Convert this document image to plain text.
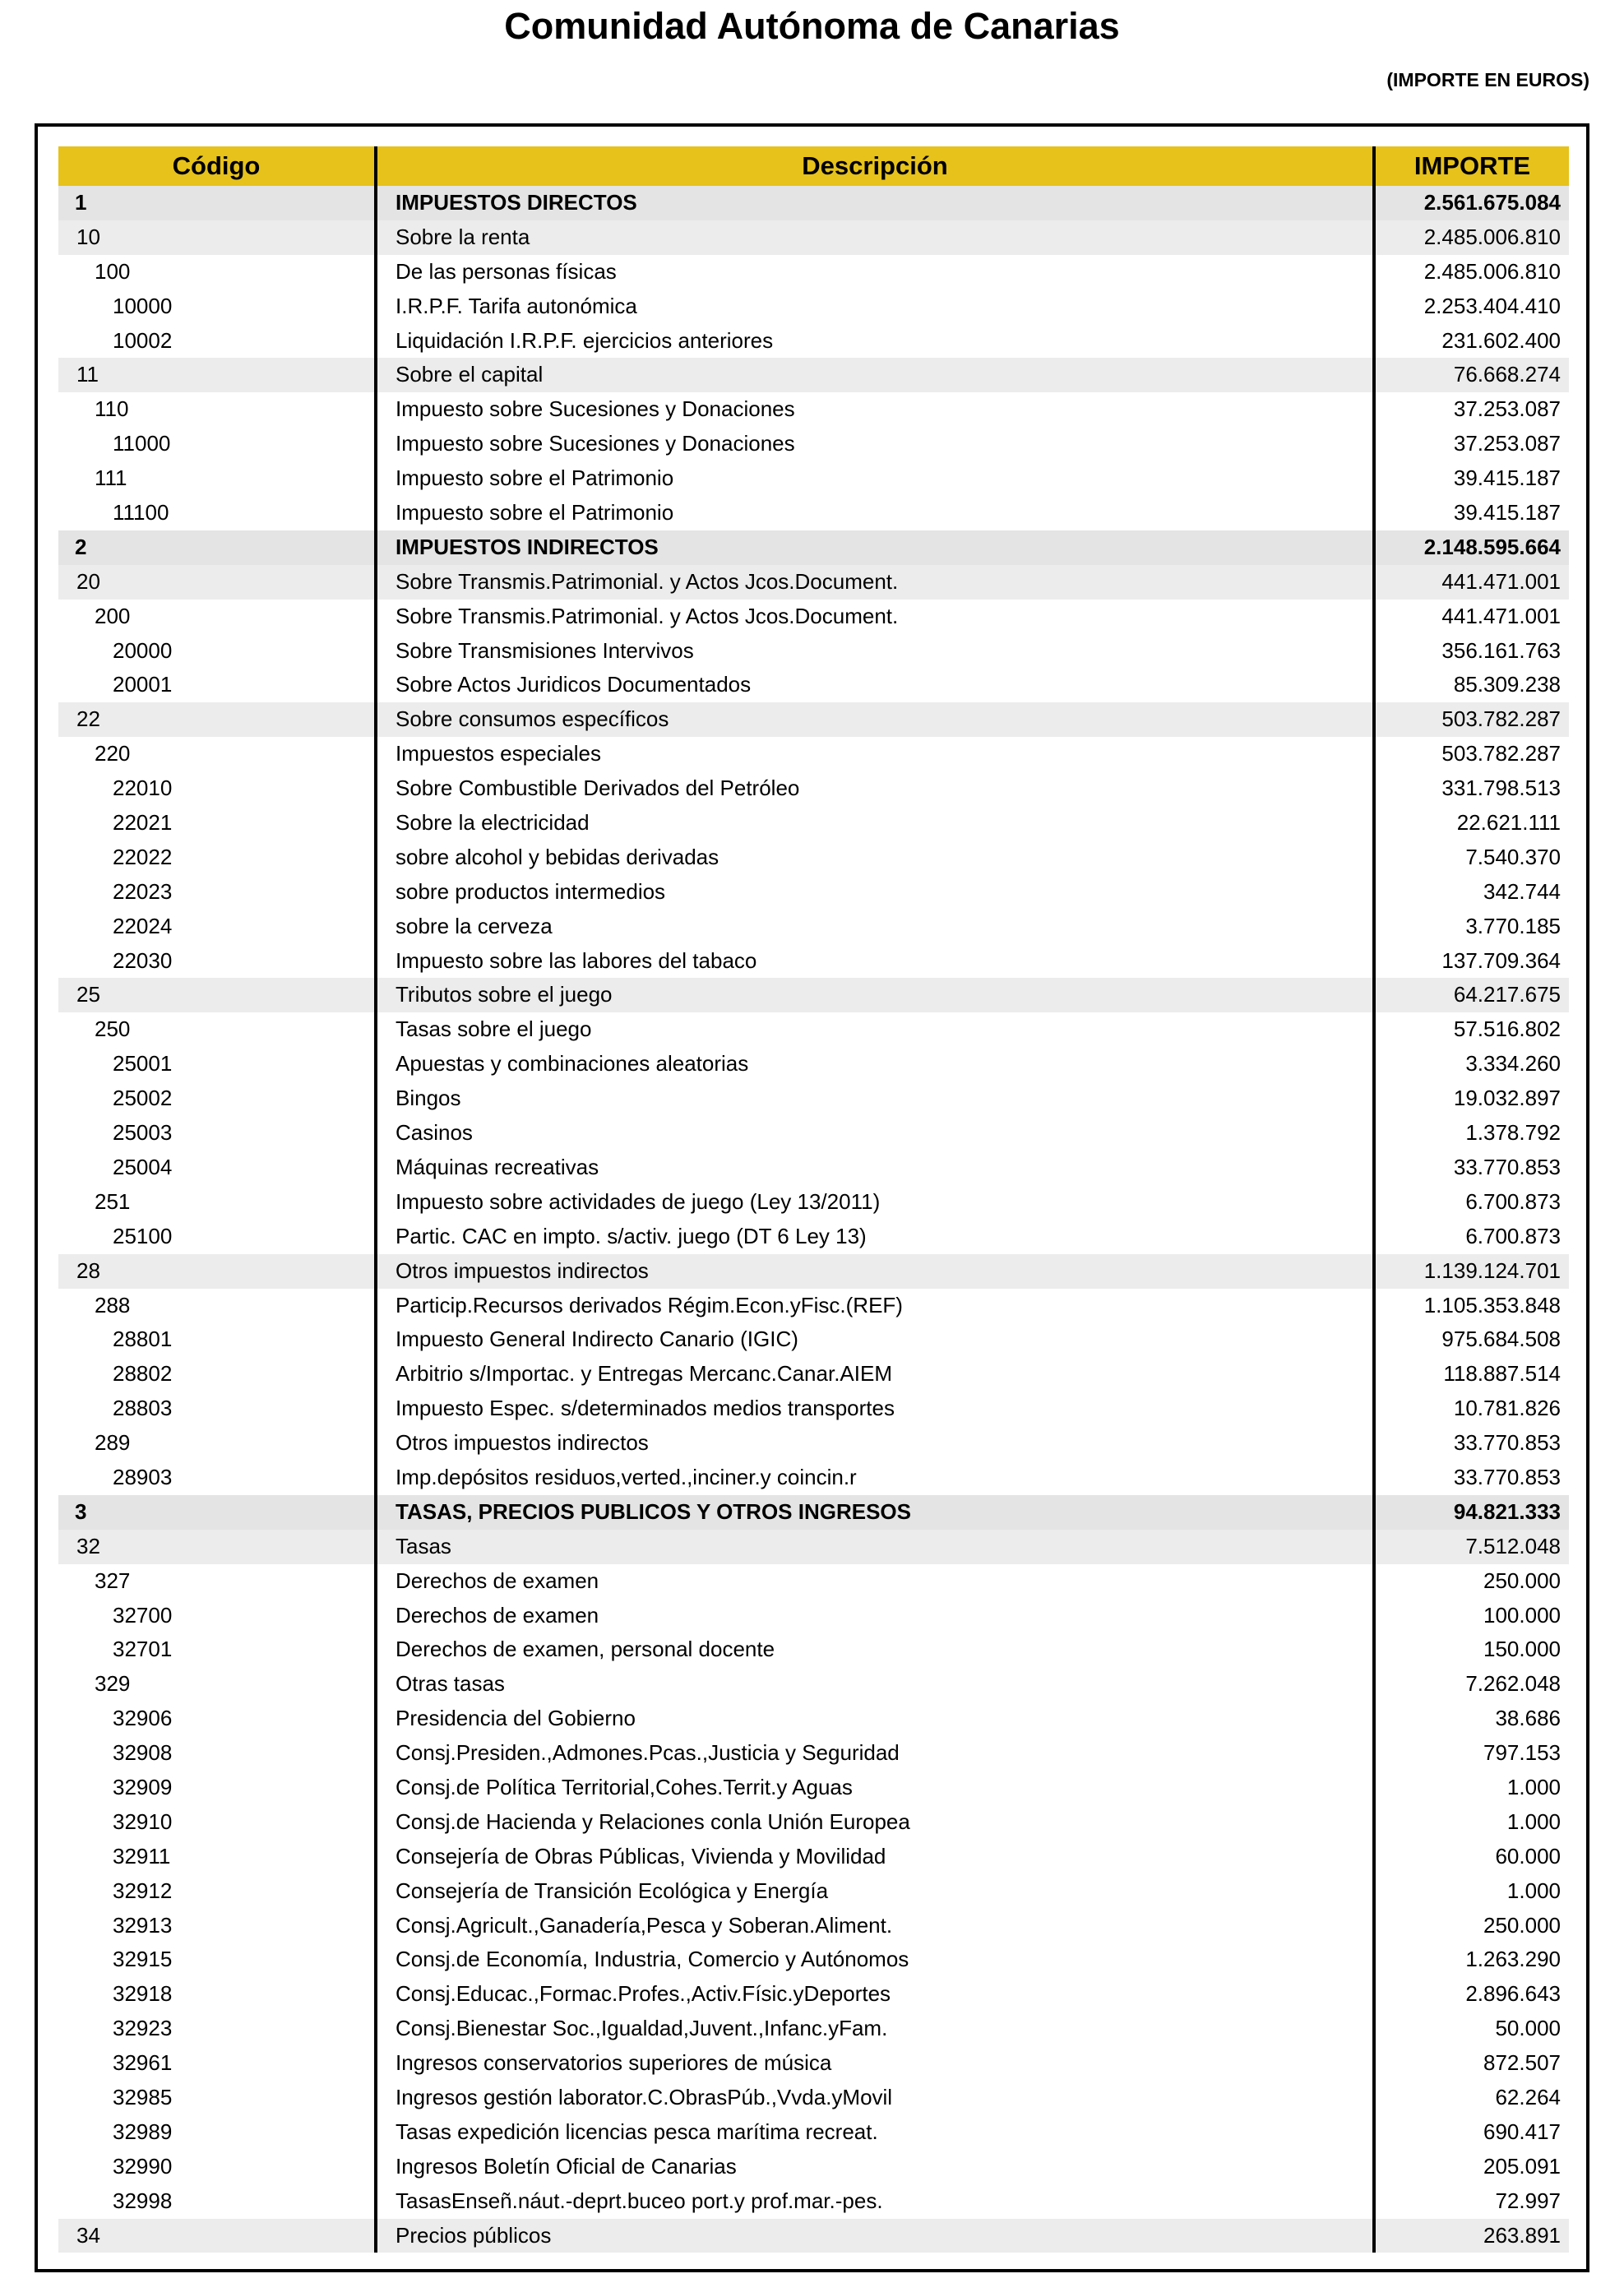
Comunidad Autónoma de Canarias
(IMPORTE EN EUROS)
Código	Descripción	IMPORTE
1	IMPUESTOS DIRECTOS	2.561.675.084
10	Sobre la renta	2.485.006.810
100	De las personas físicas	2.485.006.810
10000	I.R.P.F. Tarifa autonómica	2.253.404.410
10002	Liquidación I.R.P.F. ejercicios anteriores	231.602.400
11	Sobre el capital	76.668.274
110	Impuesto sobre Sucesiones y Donaciones	37.253.087
11000	Impuesto sobre Sucesiones y Donaciones	37.253.087
111	Impuesto sobre el Patrimonio	39.415.187
11100	Impuesto sobre el Patrimonio	39.415.187
2	IMPUESTOS INDIRECTOS	2.148.595.664
20	Sobre Transmis.Patrimonial. y Actos Jcos.Document.	441.471.001
200	Sobre Transmis.Patrimonial. y Actos Jcos.Document.	441.471.001
20000	Sobre Transmisiones Intervivos	356.161.763
20001	Sobre Actos Juridicos Documentados	85.309.238
22	Sobre consumos específicos	503.782.287
220	Impuestos especiales	503.782.287
22010	Sobre Combustible Derivados del Petróleo	331.798.513
22021	Sobre la electricidad	22.621.111
22022	sobre alcohol y bebidas derivadas	7.540.370
22023	sobre productos intermedios	342.744
22024	sobre la cerveza	3.770.185
22030	Impuesto sobre las labores del tabaco	137.709.364
25	Tributos sobre el juego	64.217.675
250	Tasas sobre el juego	57.516.802
25001	Apuestas y combinaciones aleatorias	3.334.260
25002	Bingos	19.032.897
25003	Casinos	1.378.792
25004	Máquinas recreativas	33.770.853
251	Impuesto sobre actividades de juego (Ley 13/2011)	6.700.873
25100	Partic. CAC en impto. s/activ. juego (DT 6 Ley 13)	6.700.873
28	Otros impuestos indirectos	1.139.124.701
288	Particip.Recursos derivados Régim.Econ.yFisc.(REF)	1.105.353.848
28801	Impuesto General Indirecto Canario (IGIC)	975.684.508
28802	Arbitrio s/Importac. y Entregas Mercanc.Canar.AIEM	118.887.514
28803	Impuesto Espec. s/determinados medios transportes	10.781.826
289	Otros impuestos indirectos	33.770.853
28903	Imp.depósitos residuos,verted.,inciner.y coincin.r	33.770.853
3	TASAS, PRECIOS PUBLICOS Y OTROS INGRESOS	94.821.333
32	Tasas	7.512.048
327	Derechos de examen	250.000
32700	Derechos de examen	100.000
32701	Derechos de examen, personal docente	150.000
329	Otras tasas	7.262.048
32906	Presidencia del Gobierno	38.686
32908	Consj.Presiden.,Admones.Pcas.,Justicia y Seguridad	797.153
32909	Consj.de Política Territorial,Cohes.Territ.y Aguas	1.000
32910	Consj.de Hacienda y Relaciones conla Unión Europea	1.000
32911	Consejería de Obras Públicas, Vivienda y Movilidad	60.000
32912	Consejería de Transición Ecológica y Energía	1.000
32913	Consj.Agricult.,Ganadería,Pesca y Soberan.Aliment.	250.000
32915	Consj.de Economía, Industria, Comercio y Autónomos	1.263.290
32918	Consj.Educac.,Formac.Profes.,Activ.Físic.yDeportes	2.896.643
32923	Consj.Bienestar Soc.,Igualdad,Juvent.,Infanc.yFam.	50.000
32961	Ingresos conservatorios superiores de música	872.507
32985	Ingresos gestión laborator.C.ObrasPúb.,Vvda.yMovil	62.264
32989	Tasas expedición licencias pesca marítima recreat.	690.417
32990	Ingresos Boletín Oficial de Canarias	205.091
32998	TasasEnseñ.náut.-deprt.buceo port.y prof.mar.-pes.	72.997
34	Precios públicos	263.891
